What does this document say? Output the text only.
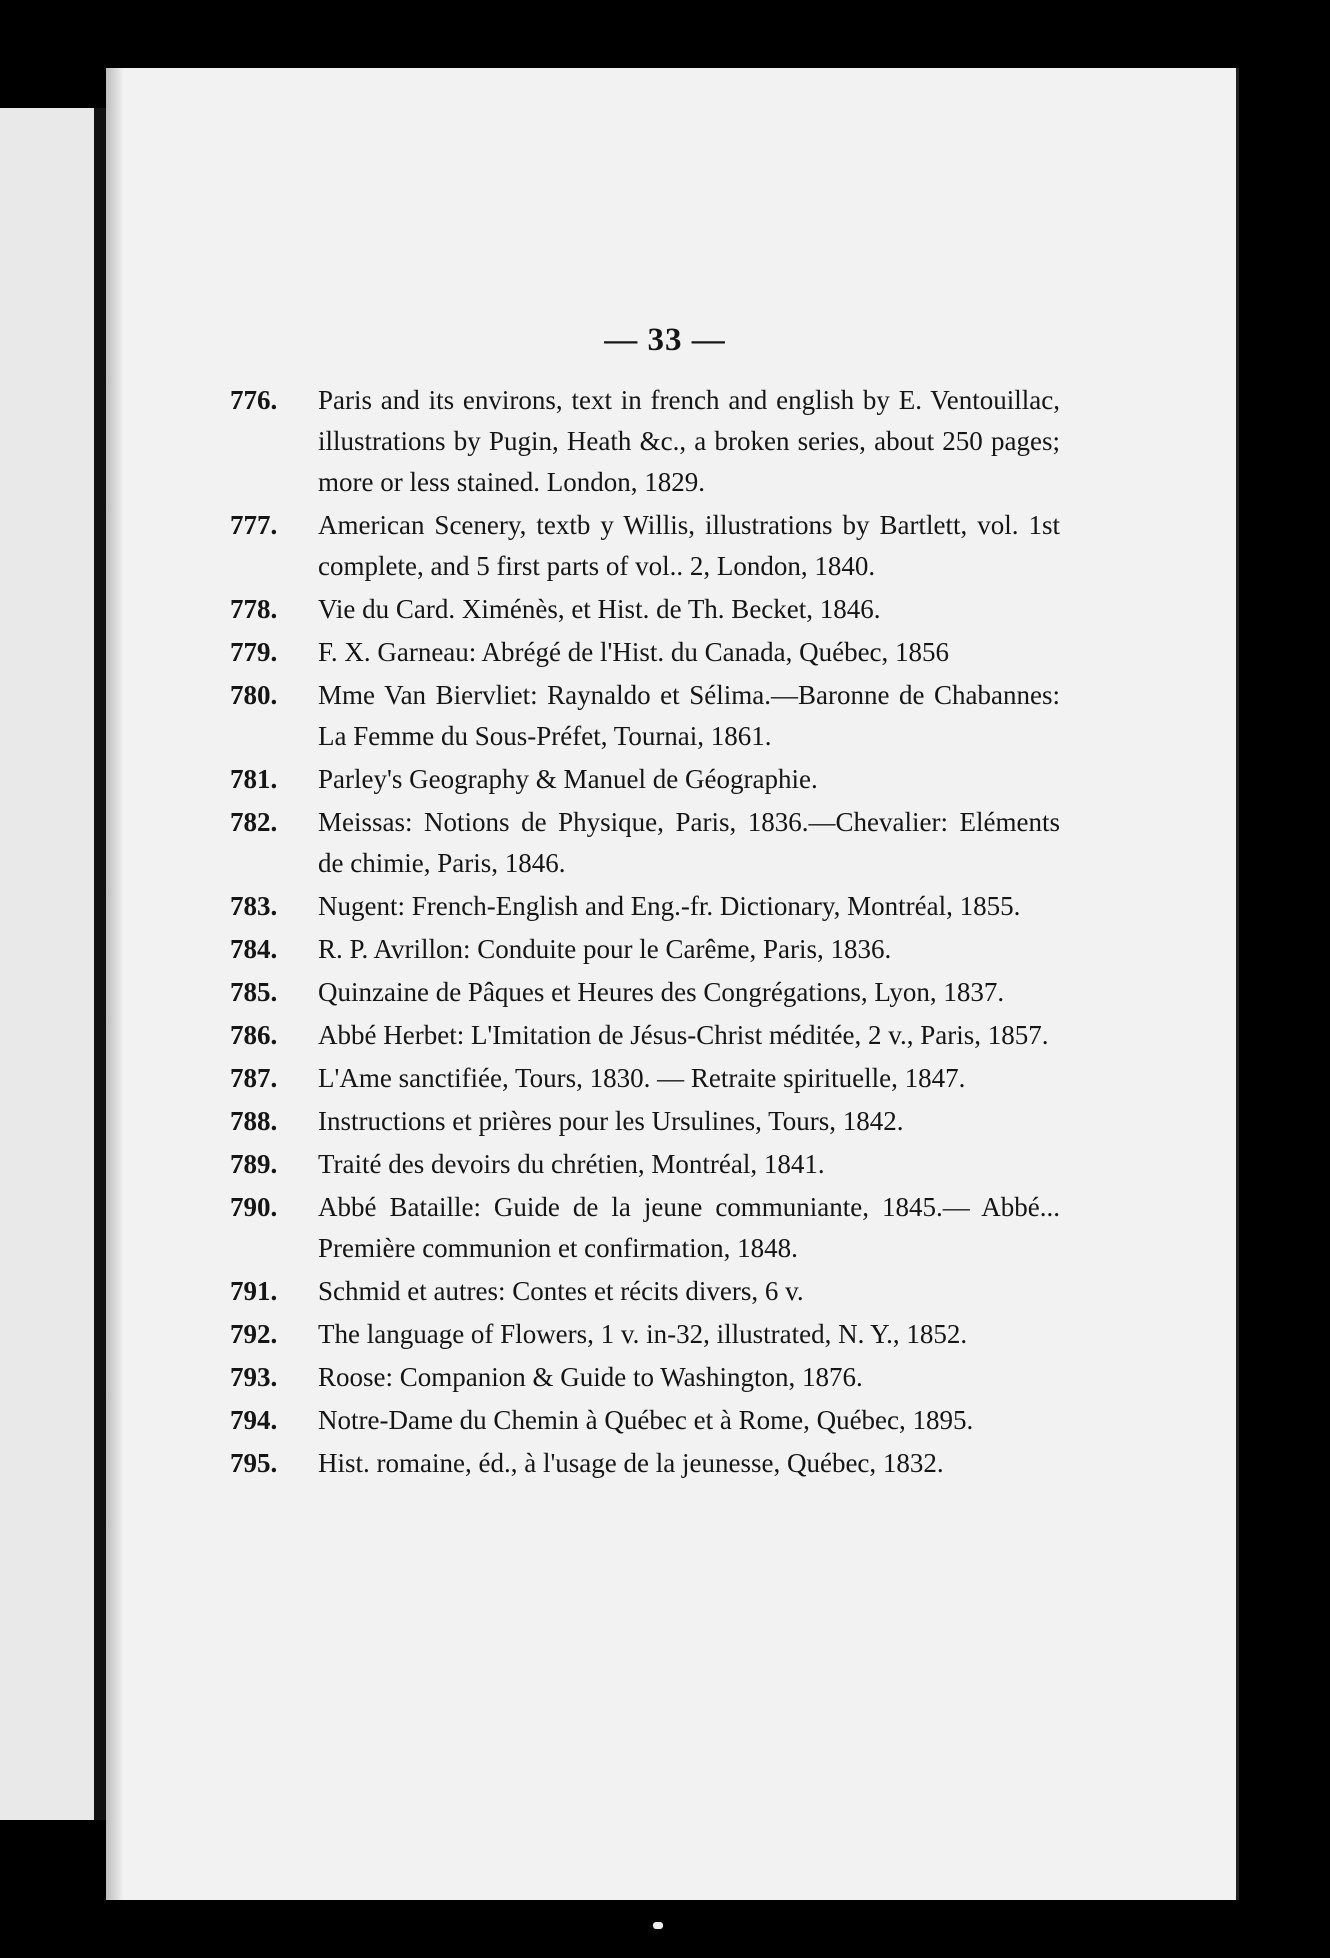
— 33 —
776.	Paris and its environs, text in french and english by E. Ventouillac, illustrations by Pugin, Heath &c., a broken series, about 250 pages; more or less stained. London, 1829.
777.	American Scenery, textb y Willis, illustrations by Bartlett, vol. 1st complete, and 5 first parts of vol.. 2, London, 1840.
778.	Vie du Card. Ximénès, et Hist. de Th. Becket, 1846.
779.	F. X. Garneau: Abrégé de l'Hist. du Canada, Québec, 1856
780.	Mme Van Biervliet: Raynaldo et Sélima.—Baronne de Chabannes: La Femme du Sous-Préfet, Tournai, 1861.
781.	Parley's Geography & Manuel de Géographie.
782.	Meissas: Notions de Physique, Paris, 1836.—Chevalier: Eléments de chimie, Paris, 1846.
783.	Nugent: French-English and Eng.-fr. Dictionary, Montréal, 1855.
784.	R. P. Avrillon: Conduite pour le Carême, Paris, 1836.
785.	Quinzaine de Pâques et Heures des Congrégations, Lyon, 1837.
786.	Abbé Herbet: L'Imitation de Jésus-Christ méditée, 2 v., Paris, 1857.
787.	L'Ame sanctifiée, Tours, 1830. — Retraite spirituelle, 1847.
788.	Instructions et prières pour les Ursulines, Tours, 1842.
789.	Traité des devoirs du chrétien, Montréal, 1841.
790.	Abbé Bataille: Guide de la jeune communiante, 1845.— Abbé... Première communion et confirmation, 1848.
791.	Schmid et autres: Contes et récits divers, 6 v.
792.	The language of Flowers, 1 v. in-32, illustrated, N. Y., 1852.
793.	Roose: Companion & Guide to Washington, 1876.
794.	Notre-Dame du Chemin à Québec et à Rome, Québec, 1895.
795.	Hist. romaine, éd., à l'usage de la jeunesse, Québec, 1832.
